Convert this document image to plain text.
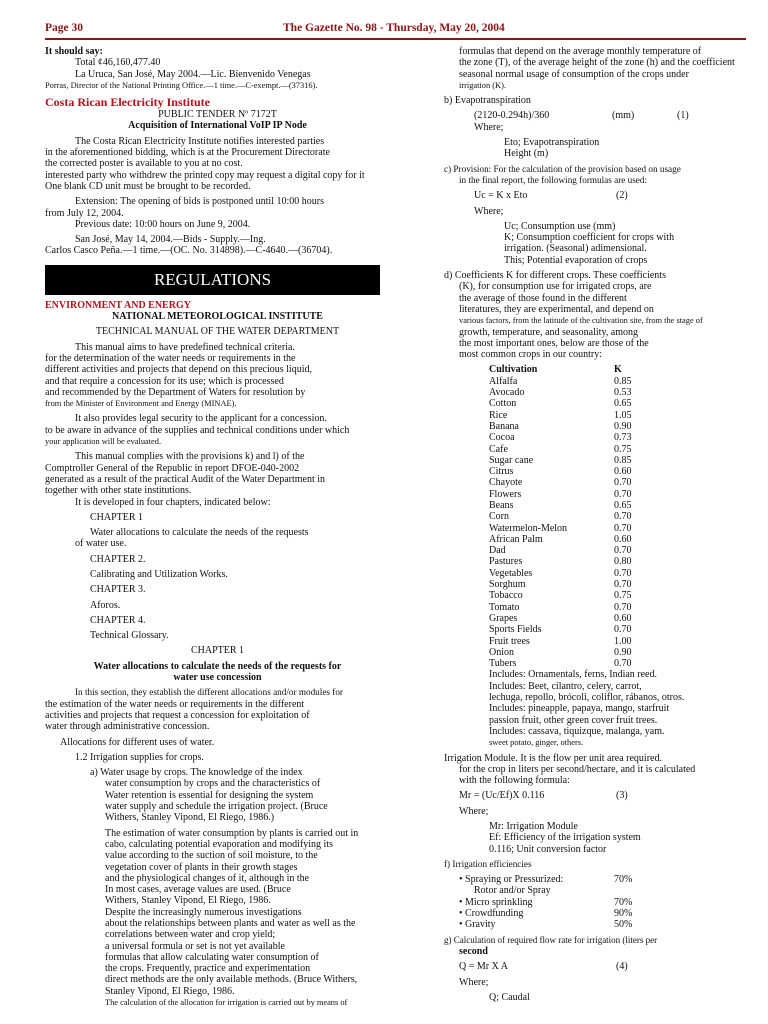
Page 30	The Gazette No. 98 - Thursday, May 20, 2004
It should say:
Total ¢46,160,477.40
La Uruca, San José, May 2004.—Lic. Bienvenido Venegas
Porras, Director of the National Printing Office.—1 time.—C-exempt.—(37316).
Costa Rican Electricity Institute
PUBLIC TENDER Nº 7172T
Acquisition of International VoIP IP Node
The Costa Rican Electricity Institute notifies interested parties
in the aforementioned bidding, which is at the Procurement Directorate
the corrected poster is available to you at no cost.
interested party who withdrew the printed copy may request a digital copy for it
One blank CD unit must be brought to be recorded.
Extension: The opening of bids is postponed until 10:00 hours
from July 12, 2004.
Previous date: 10:00 hours on June 9, 2004.
San José, May 14, 2004.—Bids - Supply.—Ing.
Carlos Casco Peña.—1 time.—(OC. No. 314898).—C-4640.—(36704).
REGULATIONS
ENVIRONMENT AND ENERGY
NATIONAL METEOROLOGICAL INSTITUTE
TECHNICAL MANUAL OF THE WATER DEPARTMENT
This manual aims to have predefined technical criteria.
for the determination of the water needs or requirements in the
different activities and projects that depend on this precious liquid,
and that require a concession for its use; which is processed
and recommended by the Department of Waters for resolution by
from the Minister of Environment and Energy (MINAE).
It also provides legal security to the applicant for a concession.
to be aware in advance of the supplies and technical conditions under which
your application will be evaluated.
This manual complies with the provisions k) and l) of the
Comptroller General of the Republic in report DFOE-040-2002
generated as a result of the practical Audit of the Water Department in
together with other state institutions.
It is developed in four chapters, indicated below:
CHAPTER 1
Water allocations to calculate the needs of the requests
of water use.
CHAPTER 2.
Calibrating and Utilization Works.
CHAPTER 3.
Aforos.
CHAPTER 4.
Technical Glossary.
CHAPTER 1
Water allocations to calculate the needs of the requests for
water use concession
In this section, they establish the different allocations and/or modules for
the estimation of the water needs or requirements in the different
activities and projects that request a concession for exploitation of
water through administrative concession.
Allocations for different uses of water.
1.2 Irrigation supplies for crops.
a) Water usage by crops. The knowledge of the index
water consumption by crops and the characteristics of
Water retention is essential for designing the system
water supply and schedule the irrigation project. (Bruce
Withers, Stanley Vipond, El Riego, 1986.)
The estimation of water consumption by plants is carried out in
cabo, calculating potential evaporation and modifying its
value according to the suction of soil moisture, to the
vegetation cover of plants in their growth stages
and the physiological changes of it, although in the
In most cases, average values are used. (Bruce
Withers, Stanley Vipond, El Riego, 1986.
Despite the increasingly numerous investigations
about the relationships between plants and water as well as the
correlations between water and crop yield;
a universal formula or set is not yet available
formulas that allow calculating water consumption of
the crops. Frequently, practice and experimentation
direct methods are the only available methods. (Bruce Withers,
Stanley Vipond, El Riego, 1986.
The calculation of the allocation for irrigation is carried out by means of
formulas that depend on the average monthly temperature of
the zone (T), of the average height of the zone (h) and the coefficient
seasonal normal usage of consumption of the crops under
irrigation (K).
b) Evapotranspiration
(2120-0.294h)/360	(mm)	(1)
Where;
Eto; Evapotranspiration
Height (m)
c) Provision: For the calculation of the provision based on usage
in the final report, the following formulas are used:
Uc = K x Eto	(2)
Where;
Uc; Consumption use (mm)
K; Consumption coefficient for crops with
irrigation. (Seasonal) adimensional.
This; Potential evaporation of crops
d) Coefficients K for different crops. These coefficients
(K), for consumption use for irrigated crops, are
the average of those found in the different
literatures, they are experimental, and depend on
various factors, from the latitude of the cultivation site, from the stage of
growth, temperature, and seasonality, among
the most important ones, below are those of the
most common crops in our country:
Cultivation	K
Alfalfa	0.85
Avocado	0.53
Cotton	0.65
Rice	1.05
Banana	0.90
Cocoa	0.73
Cafe	0.75
Sugar cane	0.85
Citrus	0.60
Chayote	0.70
Flowers	0.70
Beans	0.65
Corn	0.70
Watermelon-Melon	0.70
African Palm	0.60
Dad	0.70
Pastures	0.80
Vegetables	0.70
Sorghum	0.70
Tobacco	0.75
Tomato	0.70
Grapes	0.60
Sports Fields	0.70
Fruit trees	1.00
Onion	0.90
Tubers	0.70
Includes: Ornamentals, ferns, Indian reed.
Includes: Beet, cilantro, celery, carrot,
lechuga, repollo, brócoli, coliflor, rábanos, otros.
Includes: pineapple, papaya, mango, starfruit
passion fruit, other green cover fruit trees.
Includes: cassava, tiquizque, malanga, yam.
sweet potato, ginger, others.
Irrigation Module. It is the flow per unit area required.
for the crop in liters per second/hectare, and it is calculated
with the following formula:
Mr = (Uc/Ef)X 0.116	(3)
Where;
Mr: Irrigation Module
Ef: Efficiency of the irrigation system
0.116; Unit conversion factor
f) Irrigation efficiencies
• Spraying or Pressurized:	70%
Rotor and/or Spray
• Micro sprinkling	70%
• Crowdfunding	90%
• Gravity	50%
g) Calculation of required flow rate for irrigation (liters per
second
Q = Mr X A	(4)
Where;
Q; Caudal
